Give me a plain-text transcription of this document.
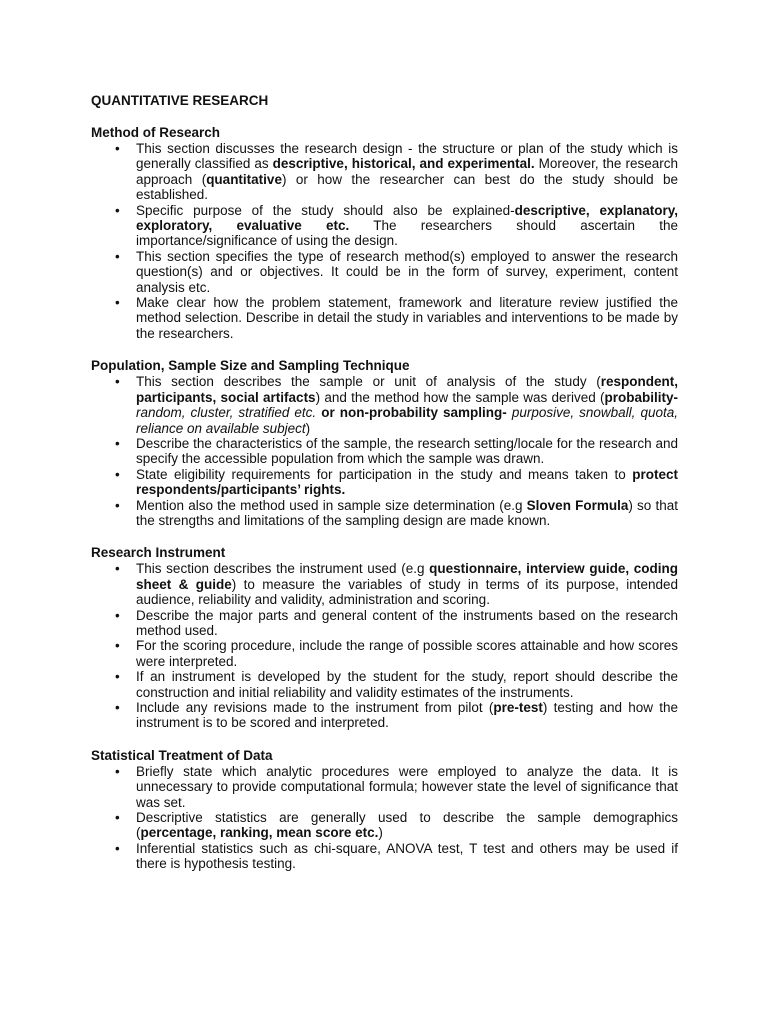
QUANTITATIVE RESEARCH
Method of Research
• This section discusses the research design - the structure or plan of the study which is generally classified as descriptive, historical, and experimental. Moreover, the research approach (quantitative) or how the researcher can best do the study should be established.
• Specific purpose of the study should also be explained-descriptive, explanatory, exploratory, evaluative etc. The researchers should ascertain the importance/significance of using the design.
• This section specifies the type of research method(s) employed to answer the research question(s) and or objectives. It could be in the form of survey, experiment, content analysis etc.
• Make clear how the problem statement, framework and literature review justified the method selection. Describe in detail the study in variables and interventions to be made by the researchers.
Population, Sample Size and Sampling Technique
• This section describes the sample or unit of analysis of the study (respondent, participants, social artifacts) and the method how the sample was derived (probability-random, cluster, stratified etc. or non-probability sampling- purposive, snowball, quota, reliance on available subject)
• Describe the characteristics of the sample, the research setting/locale for the research and specify the accessible population from which the sample was drawn.
• State eligibility requirements for participation in the study and means taken to protect respondents/participants’ rights.
• Mention also the method used in sample size determination (e.g Sloven Formula) so that the strengths and limitations of the sampling design are made known.
Research Instrument
• This section describes the instrument used (e.g questionnaire, interview guide, coding sheet & guide) to measure the variables of study in terms of its purpose, intended audience, reliability and validity, administration and scoring.
• Describe the major parts and general content of the instruments based on the research method used.
• For the scoring procedure, include the range of possible scores attainable and how scores were interpreted.
• If an instrument is developed by the student for the study, report should describe the construction and initial reliability and validity estimates of the instruments.
• Include any revisions made to the instrument from pilot (pre-test) testing and how the instrument is to be scored and interpreted.
Statistical Treatment of Data
• Briefly state which analytic procedures were employed to analyze the data. It is unnecessary to provide computational formula; however state the level of significance that was set.
• Descriptive statistics are generally used to describe the sample demographics (percentage, ranking, mean score etc.)
• Inferential statistics such as chi-square, ANOVA test, T test and others may be used if there is hypothesis testing.
